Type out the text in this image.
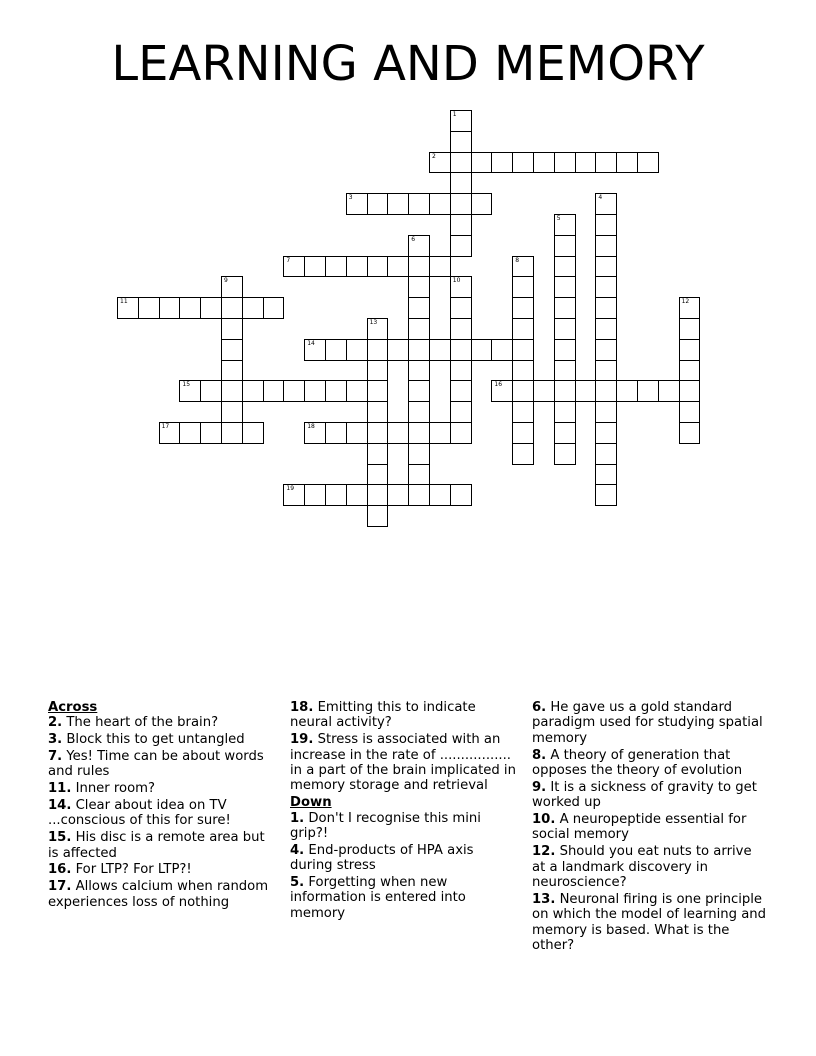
LEARNING AND MEMORY
1
2
3	4
5
6
7	8
9	10
11	12
13
14
15	16
17	18
19
Across
2. The heart of the brain?
3. Block this to get untangled
7. Yes! Time can be about words and rules
11. Inner room?
14. Clear about idea on TV ...conscious of this for sure!
15. His disc is a remote area but is affected
16. For LTP? For LTP?!
17. Allows calcium when random experiences loss of nothing
18. Emitting this to indicate neural activity?
19. Stress is associated with an increase in the rate of ................. in a part of the brain implicated in memory storage and retrieval
Down
1. Don't I recognise this mini grip?!
4. End-products of HPA axis during stress
5. Forgetting when new information is entered into memory
6. He gave us a gold standard paradigm used for studying spatial memory
8. A theory of generation that opposes the theory of evolution
9. It is a sickness of gravity to get worked up
10. A neuropeptide essential for social memory
12. Should you eat nuts to arrive at a landmark discovery in neuroscience?
13. Neuronal firing is one principle on which the model of learning and memory is based. What is the other?
